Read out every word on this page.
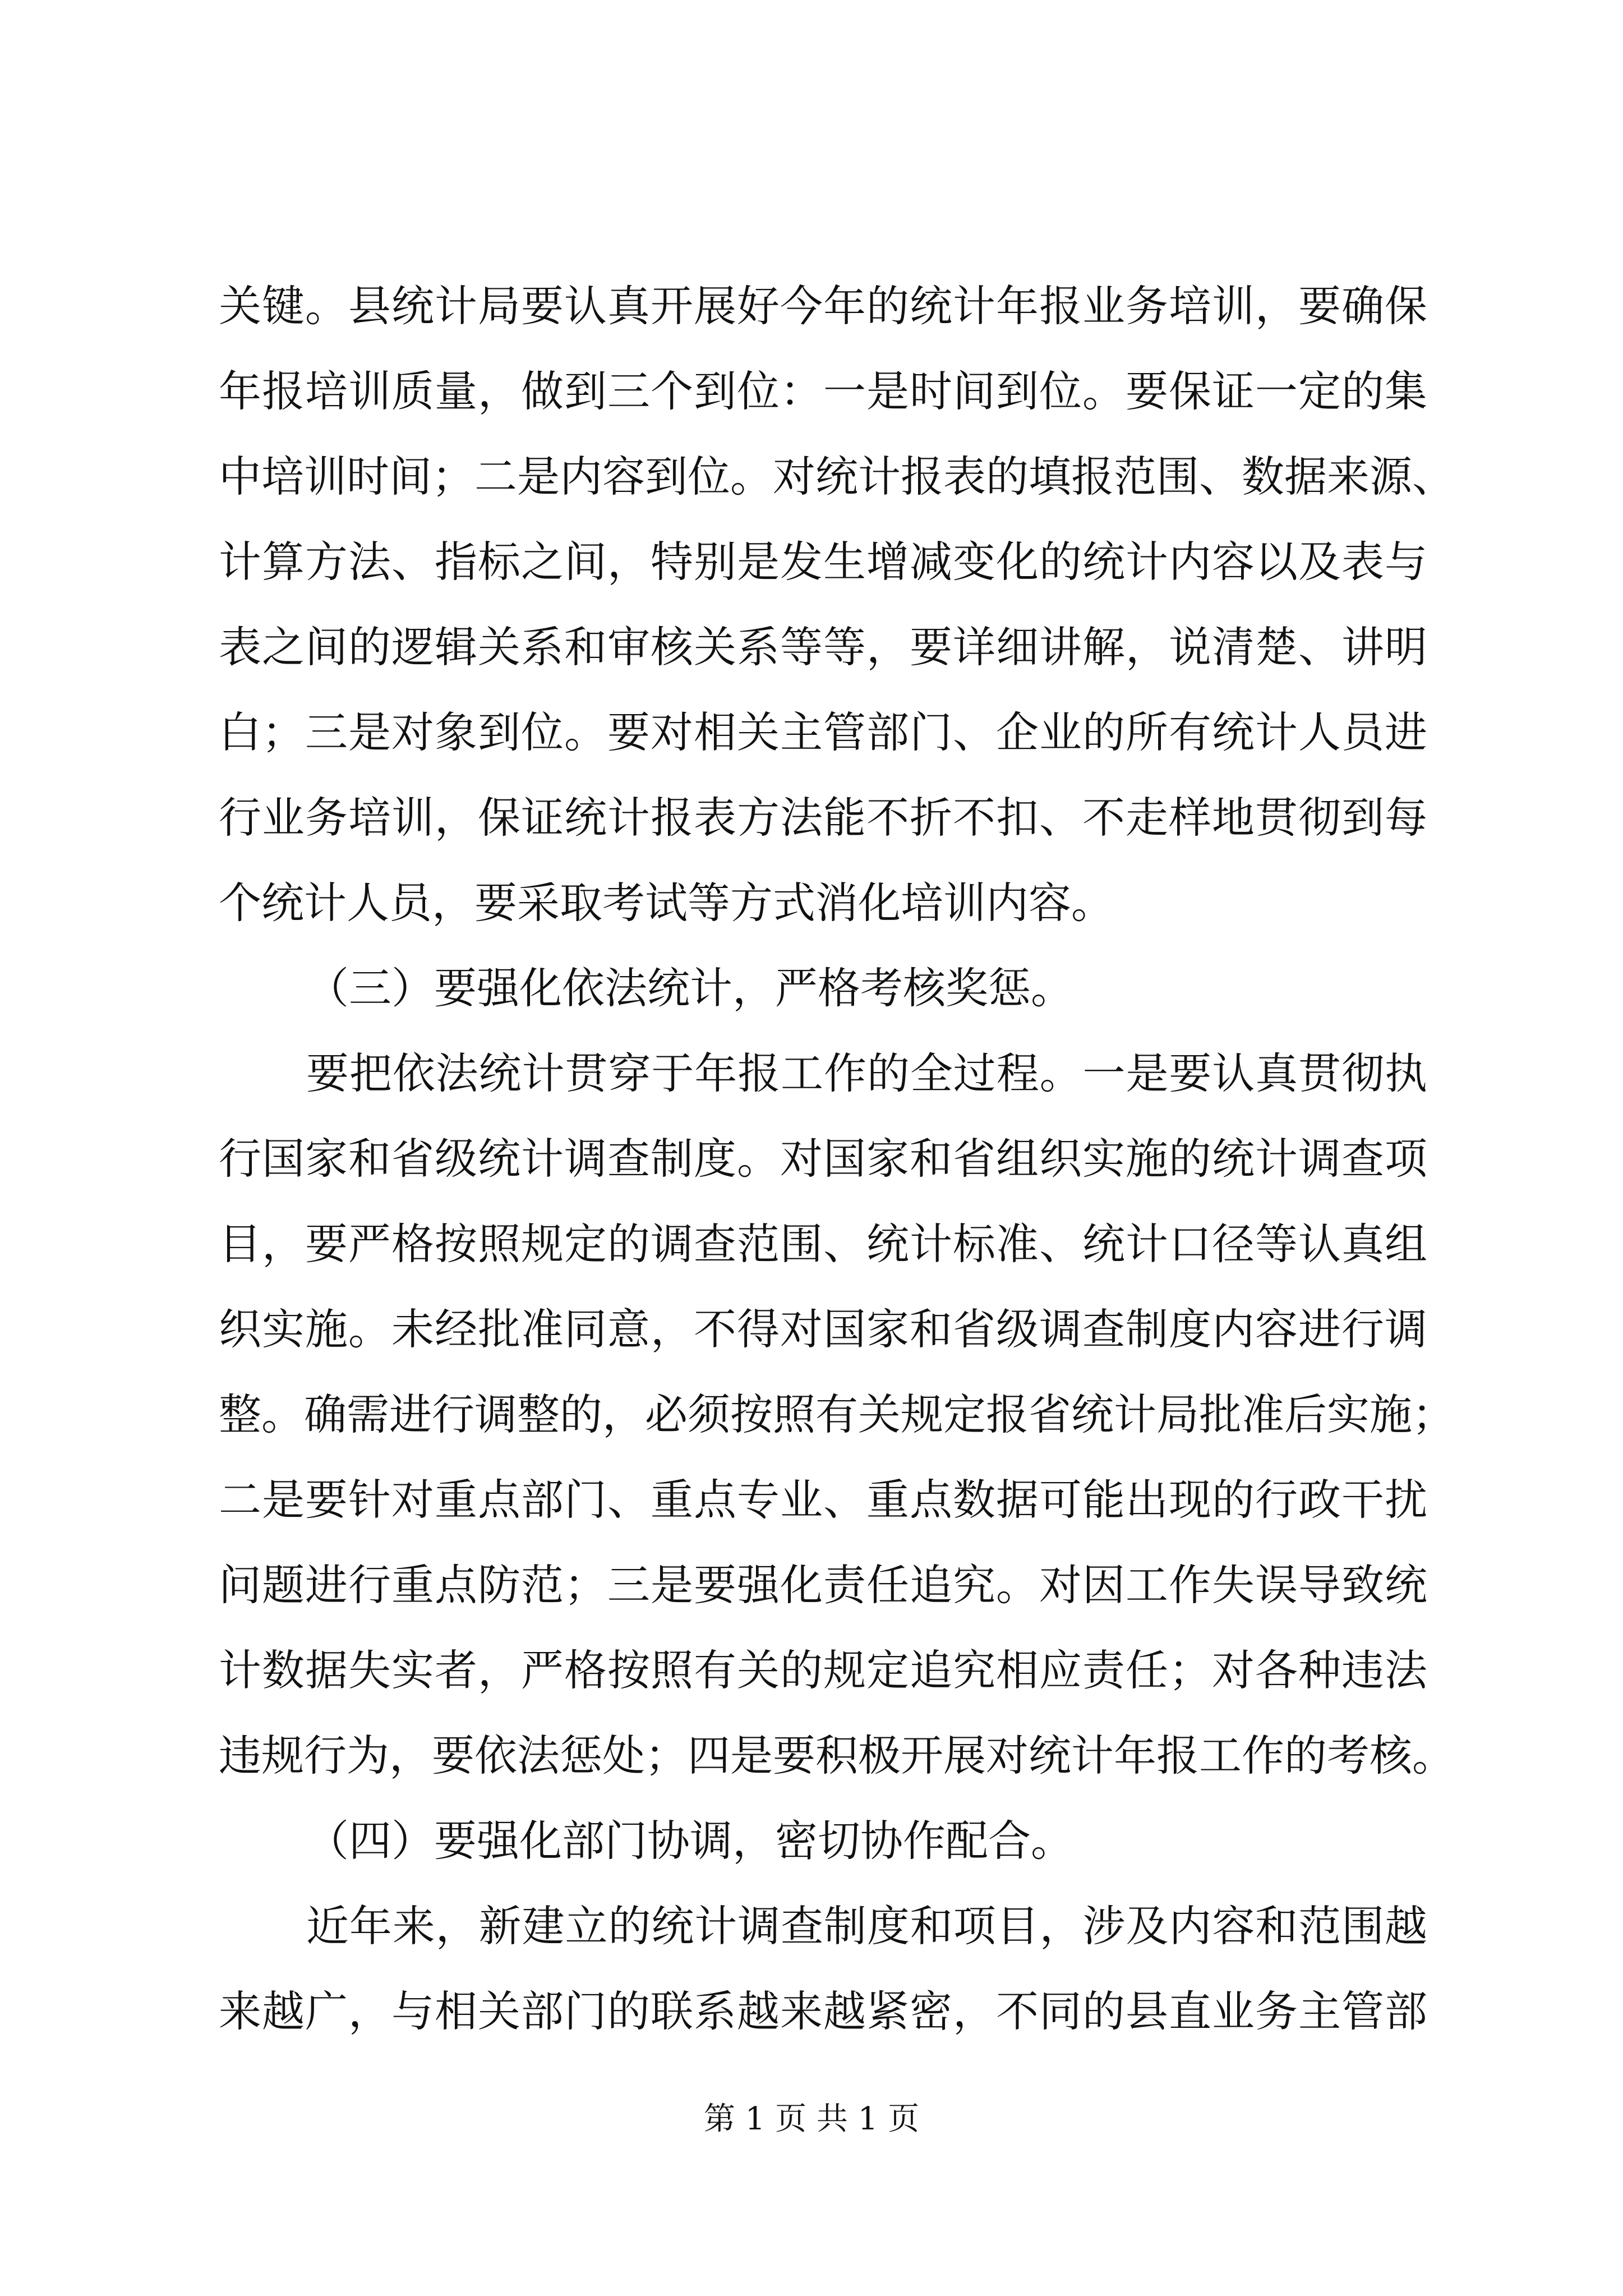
关键。县统计局要认真开展好今年的统计年报业务培训，要确保
年报培训质量，做到三个到位：一是时间到位。要保证一定的集
中培训时间；二是内容到位。对统计报表的填报范围、数据来源、
计算方法、指标之间，特别是发生增减变化的统计内容以及表与
表之间的逻辑关系和审核关系等等，要详细讲解，说清楚、讲明
白；三是对象到位。要对相关主管部门、企业的所有统计人员进
行业务培训，保证统计报表方法能不折不扣、不走样地贯彻到每
个统计人员，要采取考试等方式消化培训内容。
（三）要强化依法统计，严格考核奖惩。
要把依法统计贯穿于年报工作的全过程。一是要认真贯彻执
行国家和省级统计调查制度。对国家和省组织实施的统计调查项
目，要严格按照规定的调查范围、统计标准、统计口径等认真组
织实施。未经批准同意，不得对国家和省级调查制度内容进行调
整。确需进行调整的，必须按照有关规定报省统计局批准后实施；
二是要针对重点部门、重点专业、重点数据可能出现的行政干扰
问题进行重点防范；三是要强化责任追究。对因工作失误导致统
计数据失实者，严格按照有关的规定追究相应责任；对各种违法
违规行为，要依法惩处；四是要积极开展对统计年报工作的考核。
（四）要强化部门协调，密切协作配合。
近年来，新建立的统计调查制度和项目，涉及内容和范围越
来越广，与相关部门的联系越来越紧密，不同的县直业务主管部
第 1 页 共 1 页
